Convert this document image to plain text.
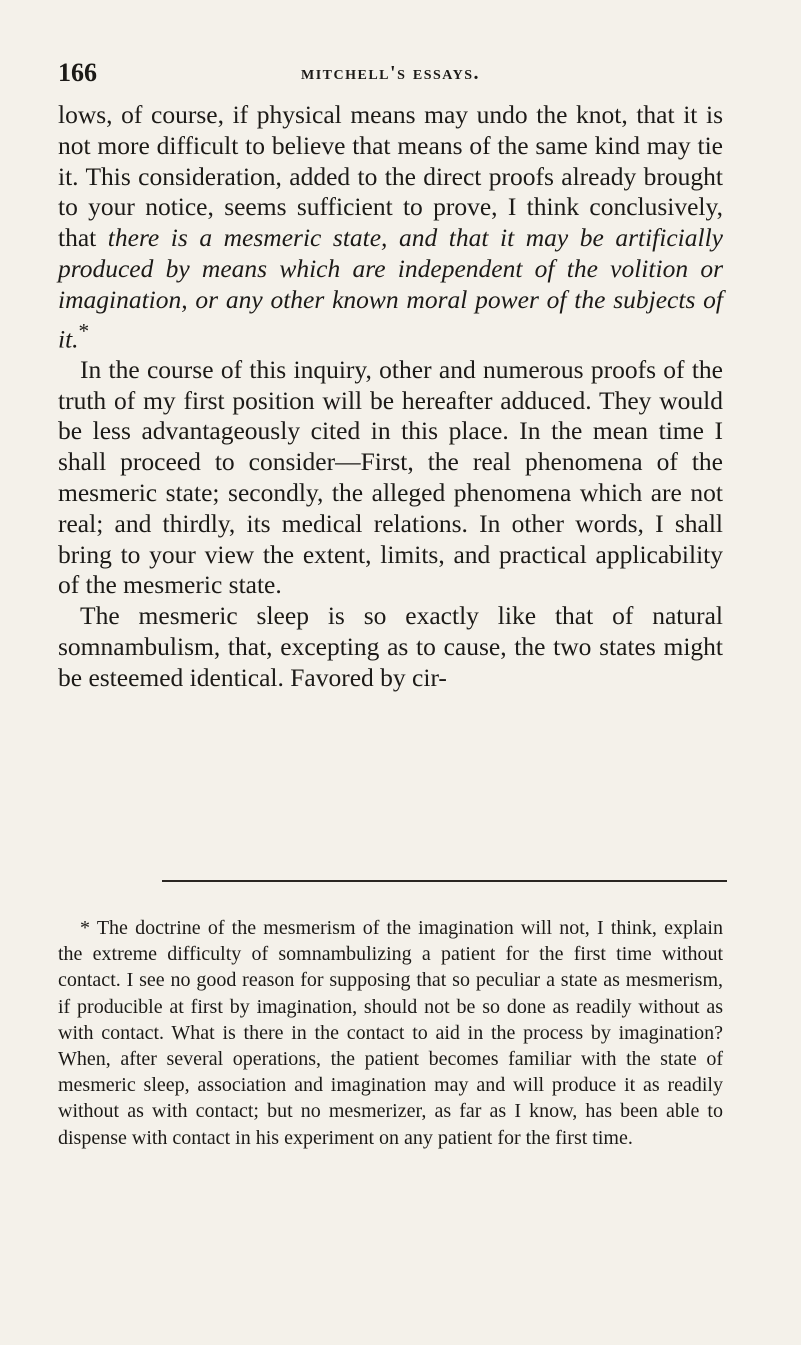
166	mitchell's essays.

lows, of course, if physical means may undo the knot, that it is not more difficult to believe that means of the same kind may tie it. This consideration, added to the direct proofs already brought to your notice, seems sufficient to prove, I think conclusively, that there is a mesmeric state, and that it may be artificially produced by means which are independent of the volition or imagination, or any other known moral power of the subjects of it.*

In the course of this inquiry, other and numerous proofs of the truth of my first position will be hereafter adduced. They would be less advantageously cited in this place. In the mean time I shall proceed to consider—First, the real phenomena of the mesmeric state; secondly, the alleged phenomena which are not real; and thirdly, its medical relations. In other words, I shall bring to your view the extent, limits, and practical applicability of the mesmeric state.

The mesmeric sleep is so exactly like that of natural somnambulism, that, excepting as to cause, the two states might be esteemed identical. Favored by cir-

* The doctrine of the mesmerism of the imagination will not, I think, explain the extreme difficulty of somnambulizing a patient for the first time without contact. I see no good reason for supposing that so peculiar a state as mesmerism, if producible at first by imagination, should not be so done as readily without as with contact. What is there in the contact to aid in the process by imagination? When, after several operations, the patient becomes familiar with the state of mesmeric sleep, association and imagination may and will produce it as readily without as with contact; but no mesmerizer, as far as I know, has been able to dispense with contact in his experiment on any patient for the first time.
